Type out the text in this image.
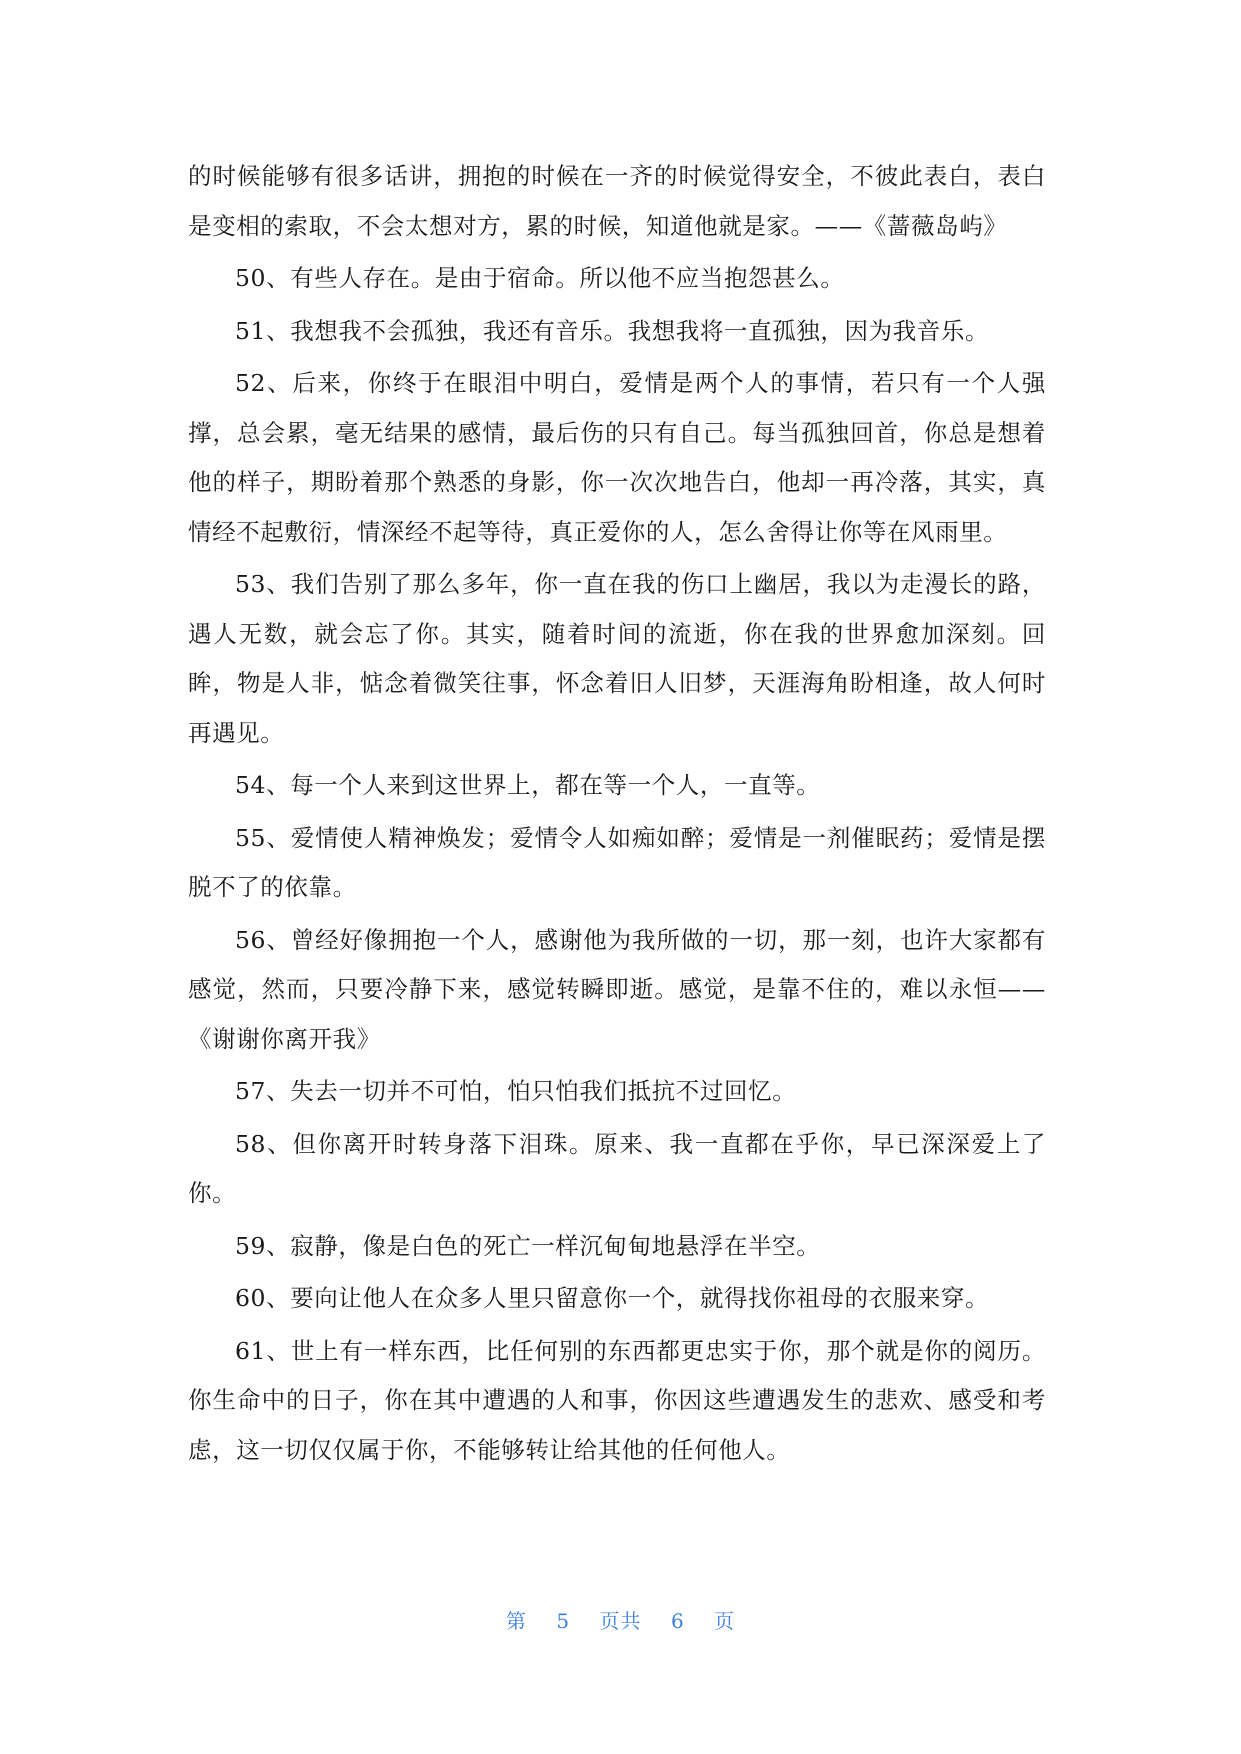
的时候能够有很多话讲，拥抱的时候在一齐的时候觉得安全，不彼此表白，表白是变相的索取，不会太想对方，累的时候，知道他就是家。——《蔷薇岛屿》

50、有些人存在。是由于宿命。所以他不应当抱怨甚么。

51、我想我不会孤独，我还有音乐。我想我将一直孤独，因为我音乐。

52、后来，你终于在眼泪中明白，爱情是两个人的事情，若只有一个人强撑，总会累，毫无结果的感情，最后伤的只有自己。每当孤独回首，你总是想着他的样子，期盼着那个熟悉的身影，你一次次地告白，他却一再冷落，其实，真情经不起敷衍，情深经不起等待，真正爱你的人，怎么舍得让你等在风雨里。

53、我们告别了那么多年，你一直在我的伤口上幽居，我以为走漫长的路，遇人无数，就会忘了你。其实，随着时间的流逝，你在我的世界愈加深刻。回眸，物是人非，惦念着微笑往事，怀念着旧人旧梦，天涯海角盼相逢，故人何时再遇见。

54、每一个人来到这世界上，都在等一个人，一直等。

55、爱情使人精神焕发；爱情令人如痴如醉；爱情是一剂催眠药；爱情是摆脱不了的依靠。

56、曾经好像拥抱一个人，感谢他为我所做的一切，那一刻，也许大家都有感觉，然而，只要冷静下来，感觉转瞬即逝。感觉，是靠不住的，难以永恒——《谢谢你离开我》

57、失去一切并不可怕，怕只怕我们抵抗不过回忆。

58、但你离开时转身落下泪珠。原来、我一直都在乎你，早已深深爱上了你。

59、寂静，像是白色的死亡一样沉甸甸地悬浮在半空。

60、要向让他人在众多人里只留意你一个，就得找你祖母的衣服来穿。

61、世上有一样东西，比任何别的东西都更忠实于你，那个就是你的阅历。你生命中的日子，你在其中遭遇的人和事，你因这些遭遇发生的悲欢、感受和考虑，这一切仅仅属于你，不能够转让给其他的任何他人。

第 5 页共 6 页
